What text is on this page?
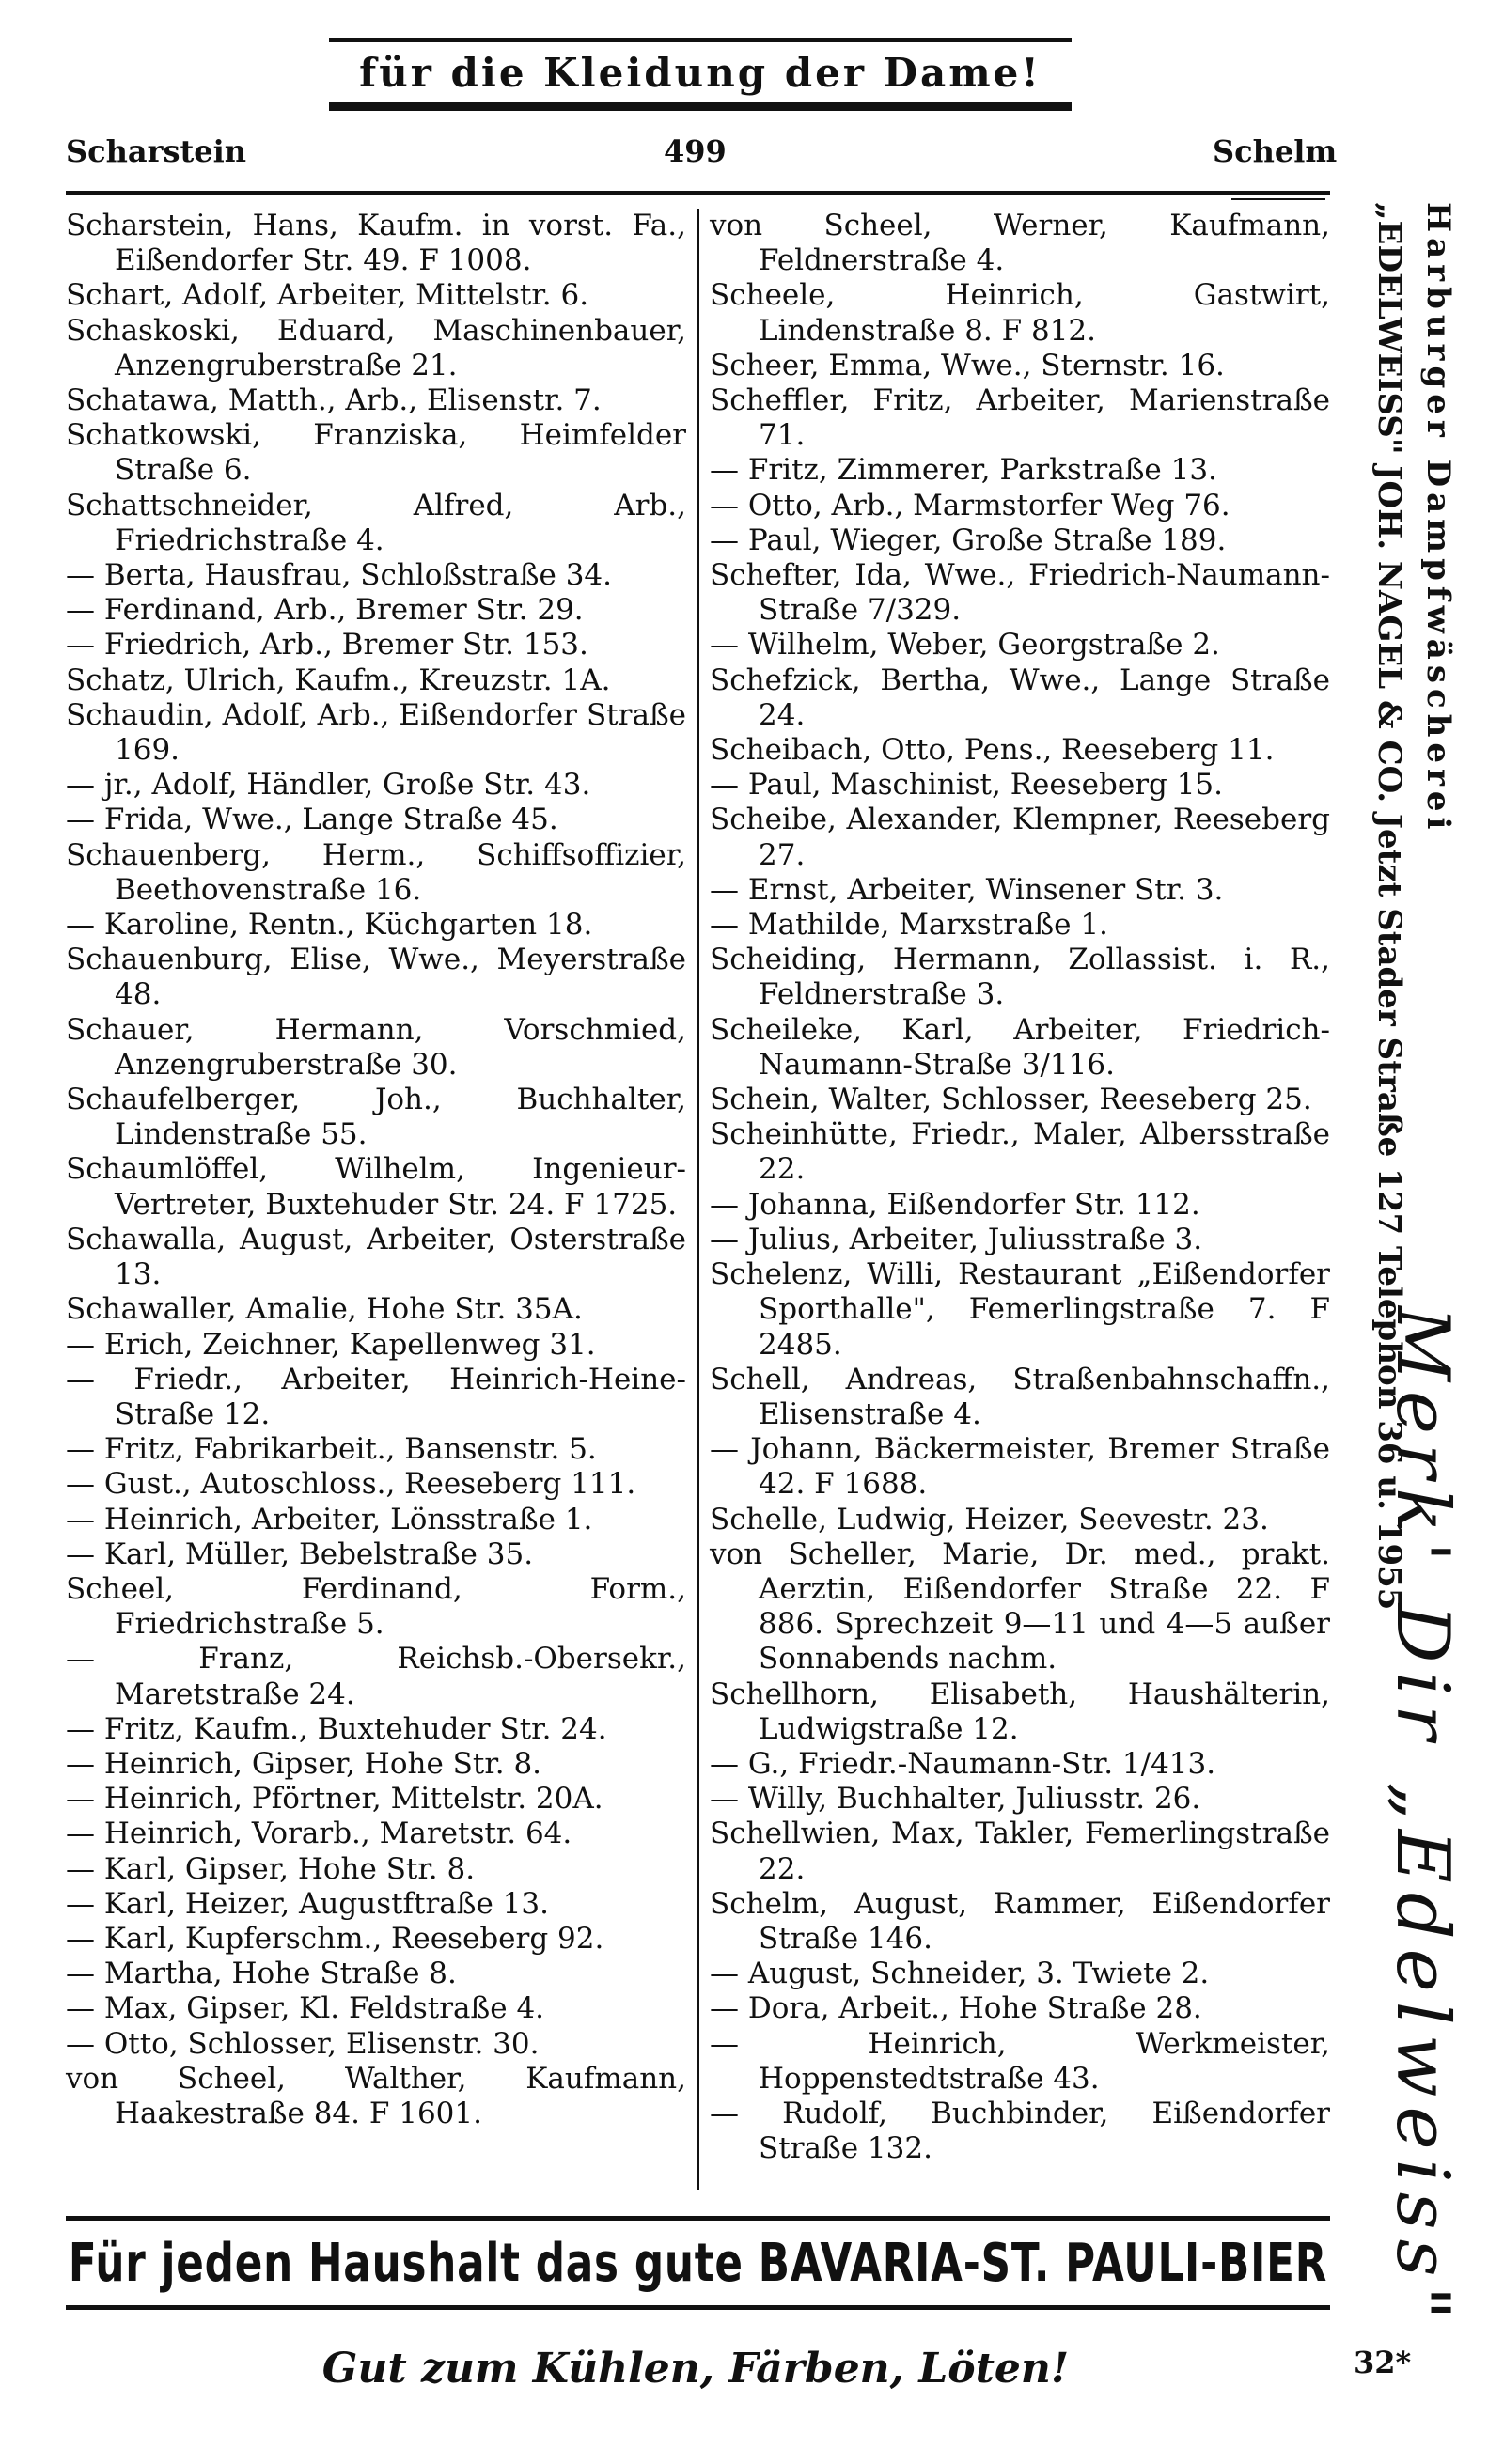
für die Kleidung der Dame!
Scharstein	499	Schelm

Scharstein, Hans, Kaufm. in vorst. Fa., Eißendorfer Str. 49. F 1008.

Schart, Adolf, Arbeiter, Mittelstr. 6.

Schaskoski, Eduard, Maschinenbauer, Anzengruberstraße 21.

Schatawa, Matth., Arb., Elisenstr. 7.

Schatkowski, Franziska, Heimfelder Straße 6.

Schattschneider, Alfred, Arb., Friedrichstraße 4.

— Berta, Hausfrau, Schloßstraße 34.

— Ferdinand, Arb., Bremer Str. 29.

— Friedrich, Arb., Bremer Str. 153.

Schatz, Ulrich, Kaufm., Kreuzstr. 1A.

Schaudin, Adolf, Arb., Eißendorfer Straße 169.

— jr., Adolf, Händler, Große Str. 43.

— Frida, Wwe., Lange Straße 45.

Schauenberg, Herm., Schiffsoffizier, Beethovenstraße 16.

— Karoline, Rentn., Küchgarten 18.

Schauenburg, Elise, Wwe., Meyerstraße 48.

Schauer, Hermann, Vorschmied, Anzengruberstraße 30.

Schaufelberger, Joh., Buchhalter, Lindenstraße 55.

Schaumlöffel, Wilhelm, Ingenieur-Vertreter, Buxtehuder Str. 24. F 1725.

Schawalla, August, Arbeiter, Osterstraße 13.

Schawaller, Amalie, Hohe Str. 35A.

— Erich, Zeichner, Kapellenweg 31.

— Friedr., Arbeiter, Heinrich-Heine-Straße 12.

— Fritz, Fabrikarbeit., Bansenstr. 5.

— Gust., Autoschloss., Reeseberg 111.

— Heinrich, Arbeiter, Lönsstraße 1.

— Karl, Müller, Bebelstraße 35.

Scheel, Ferdinand, Form., Friedrichstraße 5.

— Franz, Reichsb.-Obersekr., Maretstraße 24.

— Fritz, Kaufm., Buxtehuder Str. 24.

— Heinrich, Gipser, Hohe Str. 8.

— Heinrich, Pförtner, Mittelstr. 20A.

— Heinrich, Vorarb., Maretstr. 64.

— Karl, Gipser, Hohe Str. 8.

— Karl, Heizer, Augustftraße 13.

— Karl, Kupferschm., Reeseberg 92.

— Martha, Hohe Straße 8.

— Max, Gipser, Kl. Feldstraße 4.

— Otto, Schlosser, Elisenstr. 30.

von Scheel, Walther, Kaufmann, Haakestraße 84. F 1601.

von Scheel, Werner, Kaufmann, Feldnerstraße 4.

Scheele, Heinrich, Gastwirt, Lindenstraße 8. F 812.

Scheer, Emma, Wwe., Sternstr. 16.

Scheffler, Fritz, Arbeiter, Marienstraße 71.

— Fritz, Zimmerer, Parkstraße 13.

— Otto, Arb., Marmstorfer Weg 76.

— Paul, Wieger, Große Straße 189.

Schefter, Ida, Wwe., Friedrich-Naumann-Straße 7/329.

— Wilhelm, Weber, Georgstraße 2.

Schefzick, Bertha, Wwe., Lange Straße 24.

Scheibach, Otto, Pens., Reeseberg 11.

— Paul, Maschinist, Reeseberg 15.

Scheibe, Alexander, Klempner, Reeseberg 27.

— Ernst, Arbeiter, Winsener Str. 3.

— Mathilde, Marxstraße 1.

Scheiding, Hermann, Zollassist. i. R., Feldnerstraße 3.

Scheileke, Karl, Arbeiter, Friedrich-Naumann-Straße 3/116.

Schein, Walter, Schlosser, Reeseberg 25.

Scheinhütte, Friedr., Maler, Albersstraße 22.

— Johanna, Eißendorfer Str. 112.

— Julius, Arbeiter, Juliusstraße 3.

Schelenz, Willi, Restaurant „Eißendorfer Sporthalle", Femerlingstraße 7. F 2485.

Schell, Andreas, Straßenbahnschaffn., Elisenstraße 4.

— Johann, Bäckermeister, Bremer Straße 42. F 1688.

Schelle, Ludwig, Heizer, Seevestr. 23.

von Scheller, Marie, Dr. med., prakt. Aerztin, Eißendorfer Straße 22. F 886. Sprechzeit 9—11 und 4—5 außer Sonnabends nachm.

Schellhorn, Elisabeth, Haushälterin, Ludwigstraße 12.

— G., Friedr.-Naumann-Str. 1/413.

— Willy, Buchhalter, Juliusstr. 26.

Schellwien, Max, Takler, Femerlingstraße 22.

Schelm, August, Rammer, Eißendorfer Straße 146.

— August, Schneider, 3. Twiete 2.

— Dora, Arbeit., Hohe Straße 28.

— Heinrich, Werkmeister, Hoppenstedtstraße 43.

— Rudolf, Buchbinder, Eißendorfer Straße 132.

Harburger Dampfwäscherei
„EDELWEISS" JOH. NAGEL & CO. Jetzt Stader Straße 127 Telephon 36 u. 1955
Merk' Dir „Edelweiss"
Für jeden Haushalt das gute BAVARIA-ST. PAULI-BIER
Gut zum Kühlen, Färben, Löten!	32*
